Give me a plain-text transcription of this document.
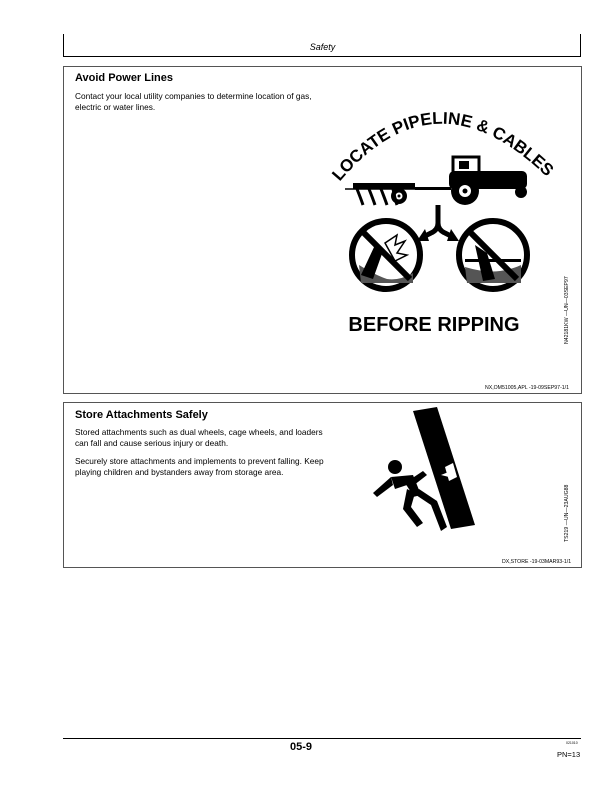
Safety
Avoid Power Lines
Contact your local utility companies to determine location of gas, electric or water lines.
LOCATE PIPELINE & CABLES
BEFORE RIPPING	N42181KW —UN—03SEP97
NX,OM51005,APL -19-09SEP97-1/1
Store Attachments Safely
Stored attachments such as dual wheels, cage wheels, and loaders can fall and cause serious injury or death.
Securely store attachments and implements to prevent falling. Keep playing children and bystanders away from storage area.
TS219 —UN—23AUG88
DX,STORE -19-03MAR93-1/1
05-9	021010
PN=13
